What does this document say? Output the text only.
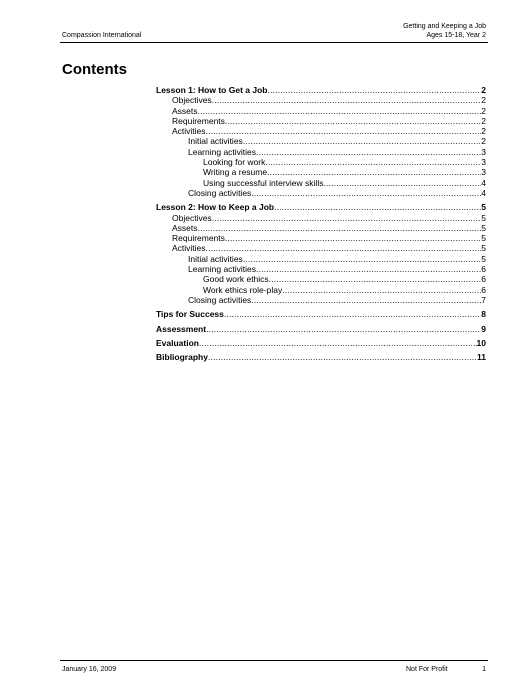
Compassion International
Getting and Keeping a Job
Ages 15-18, Year 2
Contents
Lesson 1: How to Get a Job .....	2
Objectives .....	2
Assets .....	2
Requirements .....	2
Activities .....	2
Initial activities .....	2
Learning activities .....	3
Looking for work .....	3
Writing a resume .....	3
Using successful interview skills .....	4
Closing activities .....	4
Lesson 2: How to Keep a Job .....	5
Objectives .....	5
Assets .....	5
Requirements .....	5
Activities .....	5
Initial activities .....	5
Learning activities .....	6
Good work ethics .....	6
Work ethics role-play .....	6
Closing activities .....	7
Tips for Success .....	8
Assessment .....	9
Evaluation .....	10
Bibliography .....	11
January 16, 2009	Not For Profit	1
